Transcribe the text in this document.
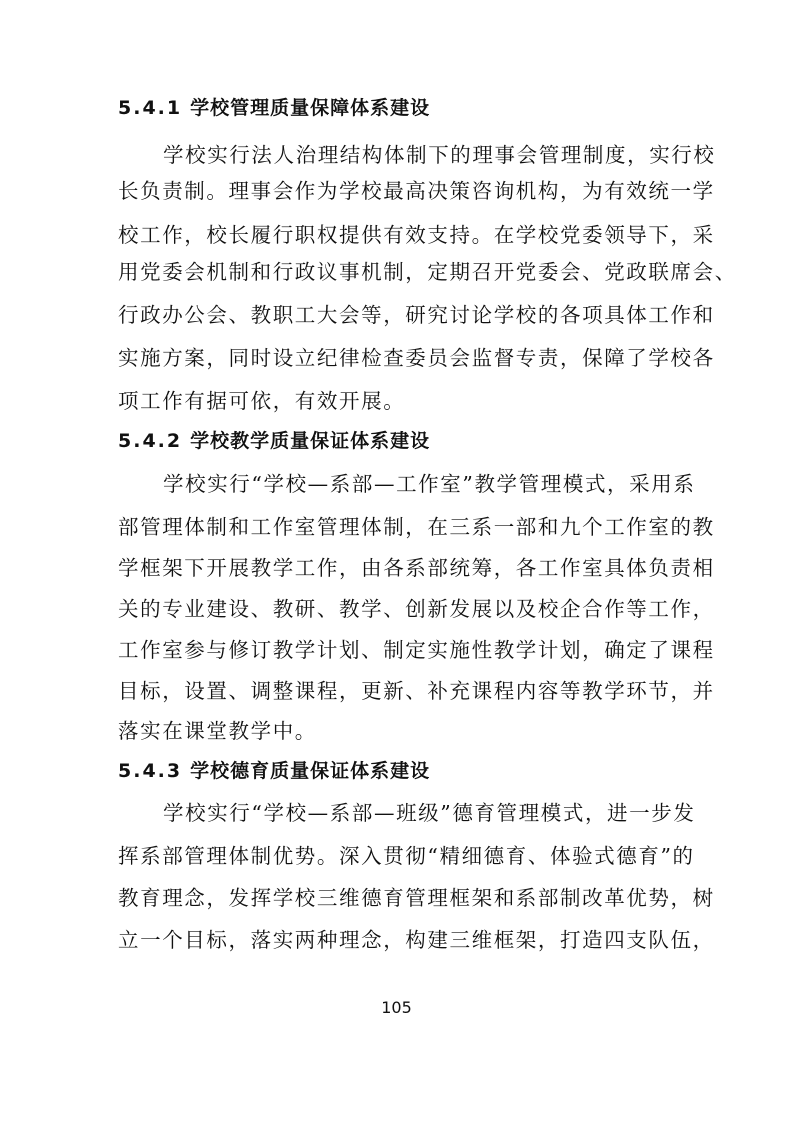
5.4.1 学校管理质量保障体系建设
学校实行法人治理结构体制下的理事会管理制度，实行校
长负责制。理事会作为学校最高决策咨询机构，为有效统一学
校工作，校长履行职权提供有效支持。在学校党委领导下，采
用党委会机制和行政议事机制，定期召开党委会、党政联席会、
行政办公会、教职工大会等，研究讨论学校的各项具体工作和
实施方案，同时设立纪律检查委员会监督专责，保障了学校各
项工作有据可依，有效开展。
5.4.2 学校教学质量保证体系建设
学校实行“学校—系部—工作室”教学管理模式，采用系
部管理体制和工作室管理体制，在三系一部和九个工作室的教
学框架下开展教学工作，由各系部统筹，各工作室具体负责相
关的专业建设、教研、教学、创新发展以及校企合作等工作，
工作室参与修订教学计划、制定实施性教学计划，确定了课程
目标，设置、调整课程，更新、补充课程内容等教学环节，并
落实在课堂教学中。
5.4.3 学校德育质量保证体系建设
学校实行“学校—系部—班级”德育管理模式，进一步发
挥系部管理体制优势。深入贯彻“精细德育、体验式德育”的
教育理念，发挥学校三维德育管理框架和系部制改革优势，树
立一个目标，落实两种理念，构建三维框架，打造四支队伍，
105
